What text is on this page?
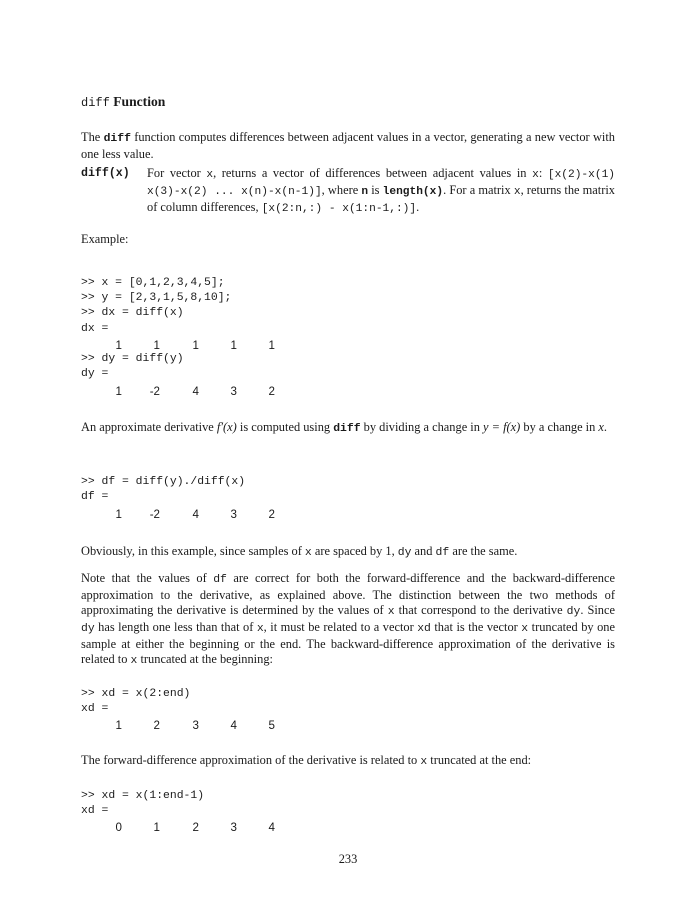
diff Function
The diff function computes differences between adjacent values in a vector, generating a new vector with one less value.
diff(x) For vector x, returns a vector of differences between adjacent values in x: [x(2)-x(1) x(3)-x(2) ... x(n)-x(n-1)], where n is length(x). For a matrix x, returns the matrix of column differences, [x(2:n,:) - x(1:n-1,:)].
Example:
>> x = [0,1,2,3,4,5];
>> y = [2,3,1,5,8,10];
>> dx = diff(x)
dx =
1	1	1	1	1
>> dy = diff(y)
dy =
1	-2	4	3	2
An approximate derivative f′(x) is computed using diff by dividing a change in y = f(x) by a change in x.
>> df = diff(y)./diff(x)
df =
1	-2	4	3	2
Obviously, in this example, since samples of x are spaced by 1, dy and df are the same.
Note that the values of df are correct for both the forward-difference and the backward-difference approximation to the derivative, as explained above. The distinction between the two methods of approximating the derivative is determined by the values of x that correspond to the derivative dy. Since dy has length one less than that of x, it must be related to a vector xd that is the vector x truncated by one sample at either the beginning or the end. The backward-difference approximation of the derivative is related to x truncated at the beginning:
>> xd = x(2:end)
xd =
1	2	3	4	5
The forward-difference approximation of the derivative is related to x truncated at the end:
>> xd = x(1:end-1)
xd =
0	1	2	3	4
233
